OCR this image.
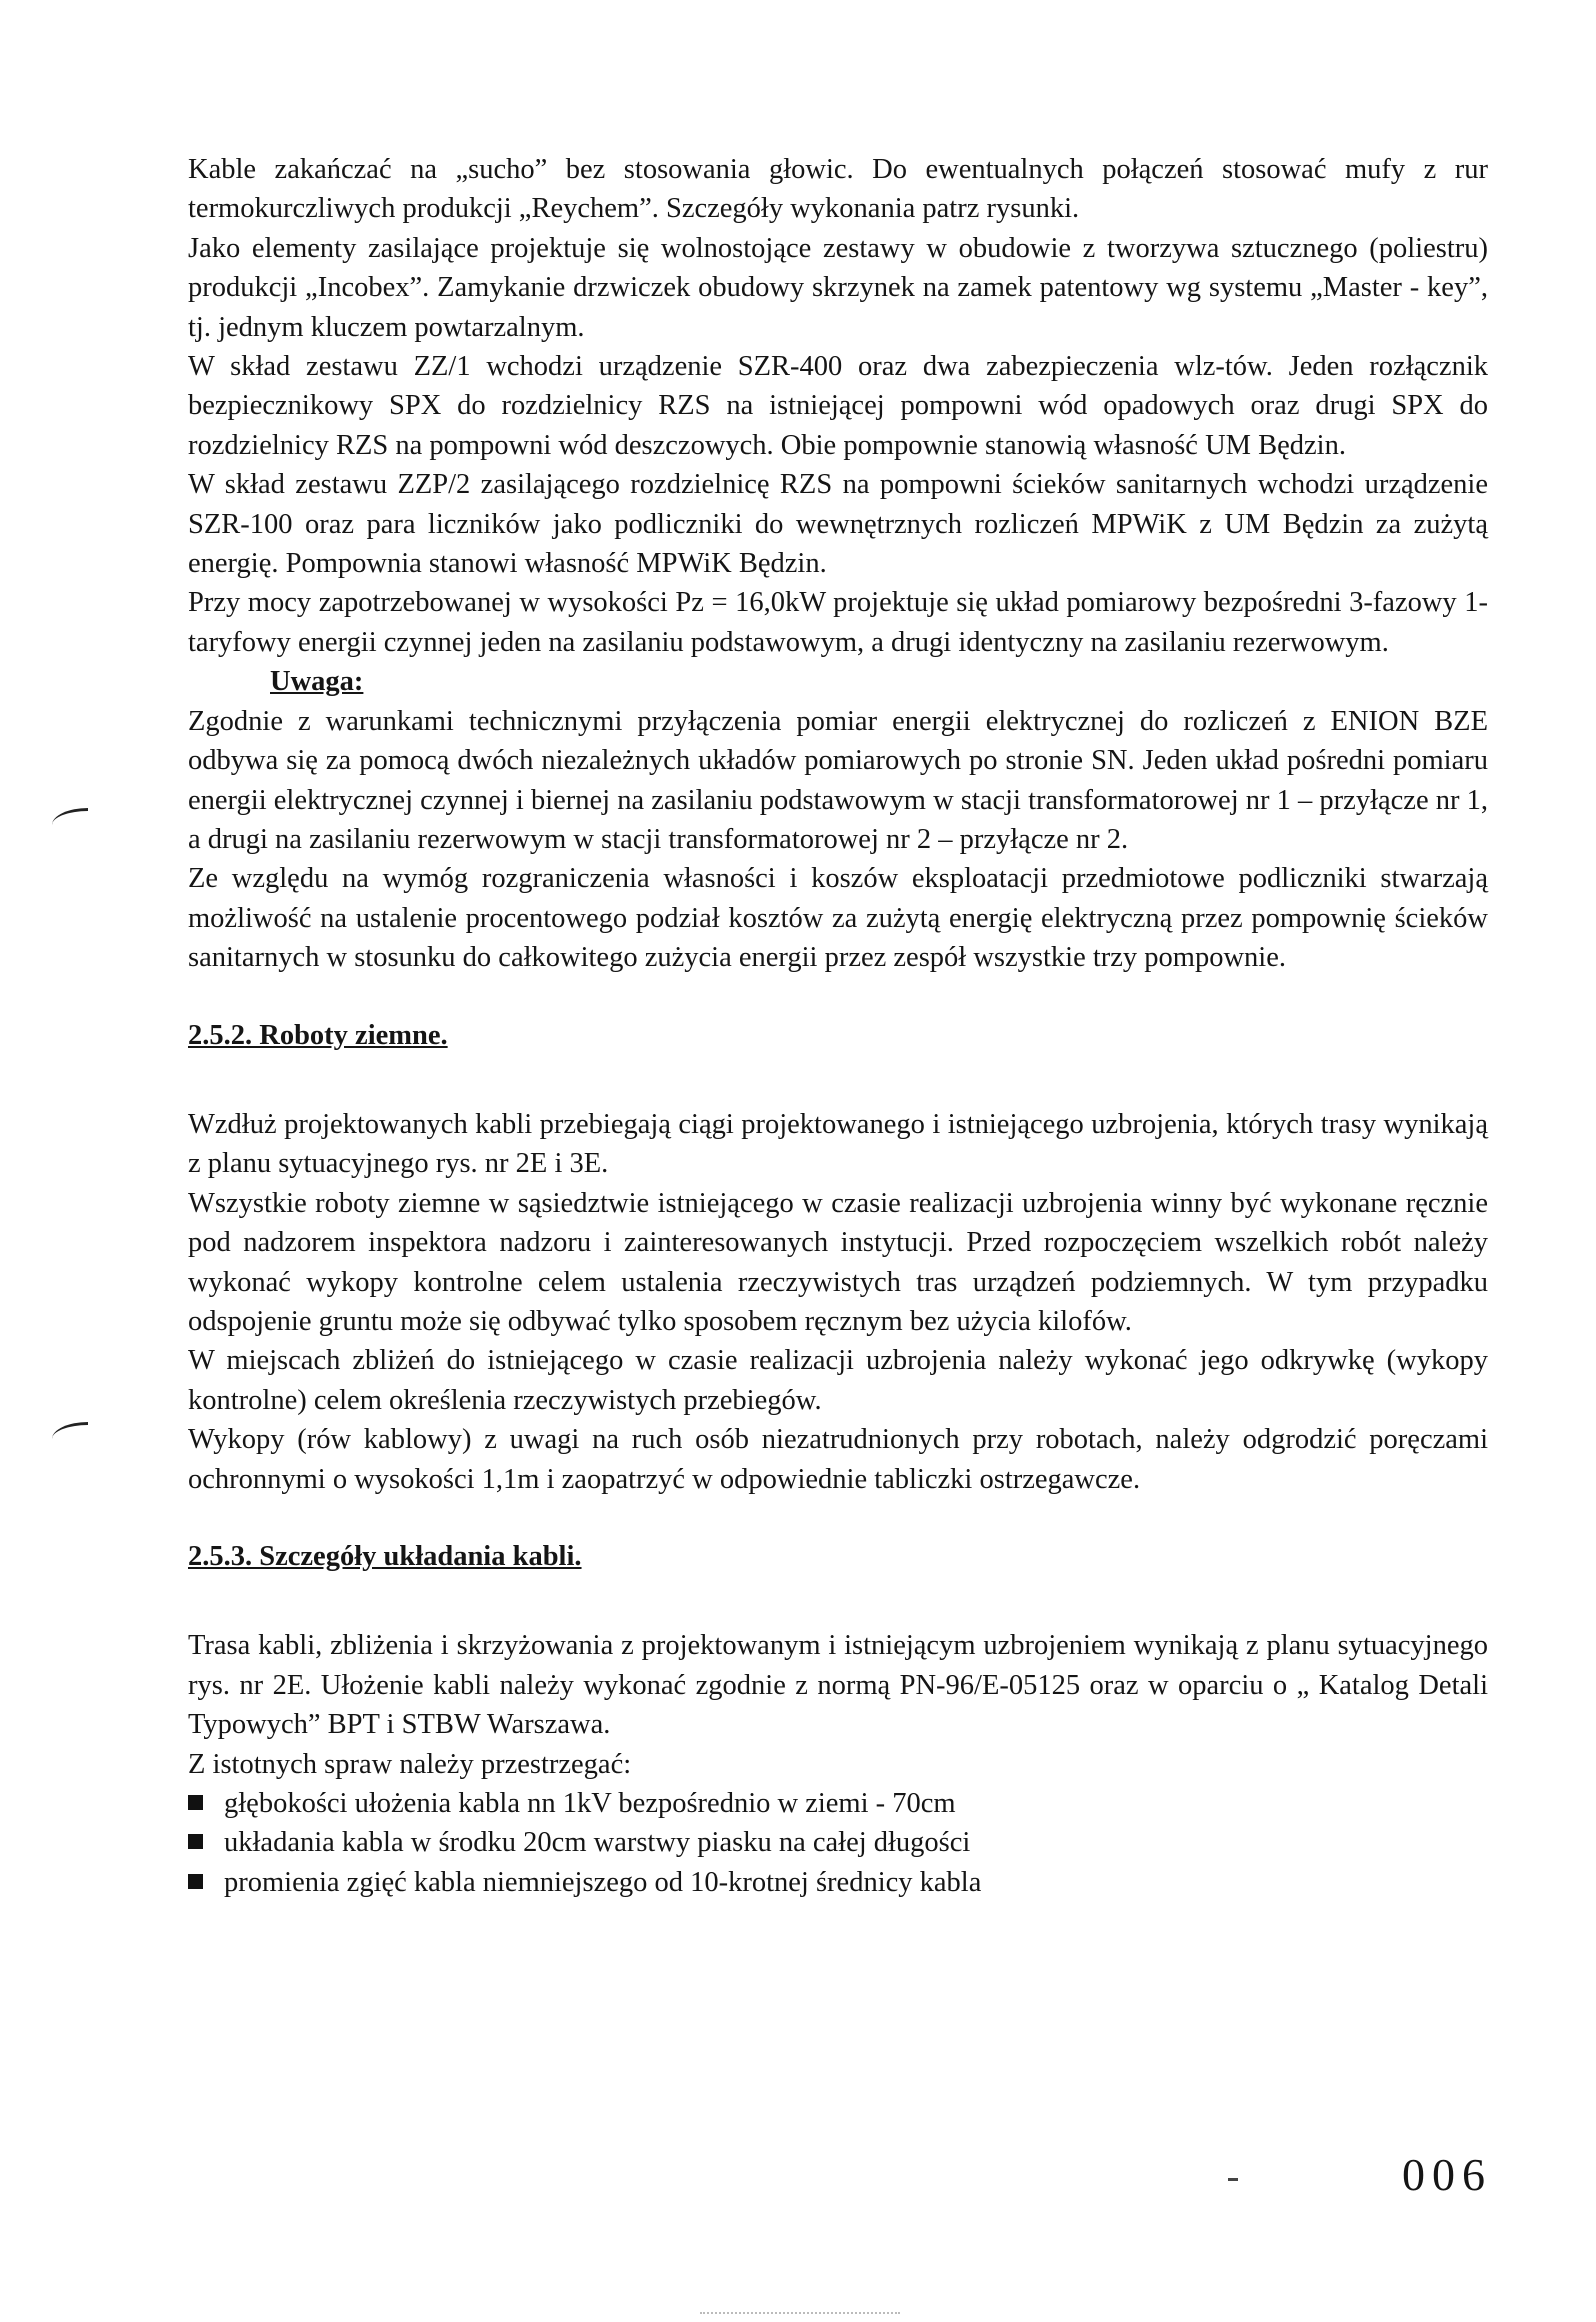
Kable zakańczać na „sucho” bez stosowania głowic. Do ewentualnych połączeń stosować mufy z rur termokurczliwych produkcji „Reychem”. Szczegóły wykonania patrz rysunki.

Jako elementy zasilające projektuje się wolnostojące zestawy w obudowie z tworzywa sztucznego (poliestru) produkcji „Incobex”. Zamykanie drzwiczek obudowy skrzynek na zamek patentowy wg systemu „Master - key”, tj. jednym kluczem powtarzalnym.

W skład zestawu ZZ/1 wchodzi urządzenie SZR-400 oraz dwa zabezpieczenia wlz-tów. Jeden rozłącznik bezpiecznikowy SPX do rozdzielnicy RZS na istniejącej pompowni wód opadowych oraz drugi SPX do rozdzielnicy RZS na pompowni wód deszczowych. Obie pompownie stanowią własność UM Będzin.

W skład zestawu ZZP/2 zasilającego rozdzielnicę RZS na pompowni ścieków sanitarnych wchodzi urządzenie SZR-100 oraz para liczników jako podliczniki do wewnętrznych rozliczeń MPWiK z UM Będzin za zużytą energię. Pompownia stanowi własność MPWiK Będzin.

Przy mocy zapotrzebowanej w wysokości Pz = 16,0kW projektuje się układ pomiarowy bezpośredni 3-fazowy 1-taryfowy energii czynnej jeden na zasilaniu podstawowym, a drugi identyczny na zasilaniu rezerwowym.

Uwaga:

Zgodnie z warunkami technicznymi przyłączenia pomiar energii elektrycznej do rozliczeń z ENION BZE odbywa się za pomocą dwóch niezależnych układów pomiarowych po stronie SN. Jeden układ pośredni pomiaru energii elektrycznej czynnej i biernej na zasilaniu podstawowym w stacji transformatorowej nr 1 – przyłącze nr 1, a drugi na zasilaniu rezerwowym w stacji transformatorowej nr 2 – przyłącze nr 2.

Ze względu na wymóg rozgraniczenia własności i koszów eksploatacji przedmiotowe podliczniki stwarzają możliwość na ustalenie procentowego podział kosztów za zużytą energię elektryczną przez pompownię ścieków sanitarnych w stosunku do całkowitego zużycia energii przez zespół wszystkie trzy pompownie.

2.5.2. Roboty ziemne.

Wzdłuż projektowanych kabli przebiegają ciągi projektowanego i istniejącego uzbrojenia, których trasy wynikają z planu sytuacyjnego rys. nr 2E i 3E.

Wszystkie roboty ziemne w sąsiedztwie istniejącego w czasie realizacji uzbrojenia winny być wykonane ręcznie pod nadzorem inspektora nadzoru i zainteresowanych instytucji. Przed rozpoczęciem wszelkich robót należy wykonać wykopy kontrolne celem ustalenia rzeczywistych tras urządzeń podziemnych. W tym przypadku odspojenie gruntu może się odbywać tylko sposobem ręcznym bez użycia kilofów.

W miejscach zbliżeń do istniejącego w czasie realizacji uzbrojenia należy wykonać jego odkrywkę (wykopy kontrolne) celem określenia rzeczywistych przebiegów.

Wykopy (rów kablowy) z uwagi na ruch osób niezatrudnionych przy robotach, należy odgrodzić poręczami ochronnymi o wysokości 1,1m i zaopatrzyć w odpowiednie tabliczki ostrzegawcze.

2.5.3. Szczegóły układania kabli.

Trasa kabli, zbliżenia i skrzyżowania z projektowanym i istniejącym uzbrojeniem wynikają z planu sytuacyjnego rys. nr 2E. Ułożenie kabli należy wykonać zgodnie z normą PN-96/E-05125 oraz w oparciu o „ Katalog Detali Typowych” BPT i STBW Warszawa.

Z istotnych spraw należy przestrzegać:

głębokości ułożenia kabla nn 1kV bezpośrednio w ziemi - 70cm
układania kabla w środku 20cm warstwy piasku na całej długości
promienia zgięć kabla niemniejszego od 10-krotnej średnicy kabla
006
